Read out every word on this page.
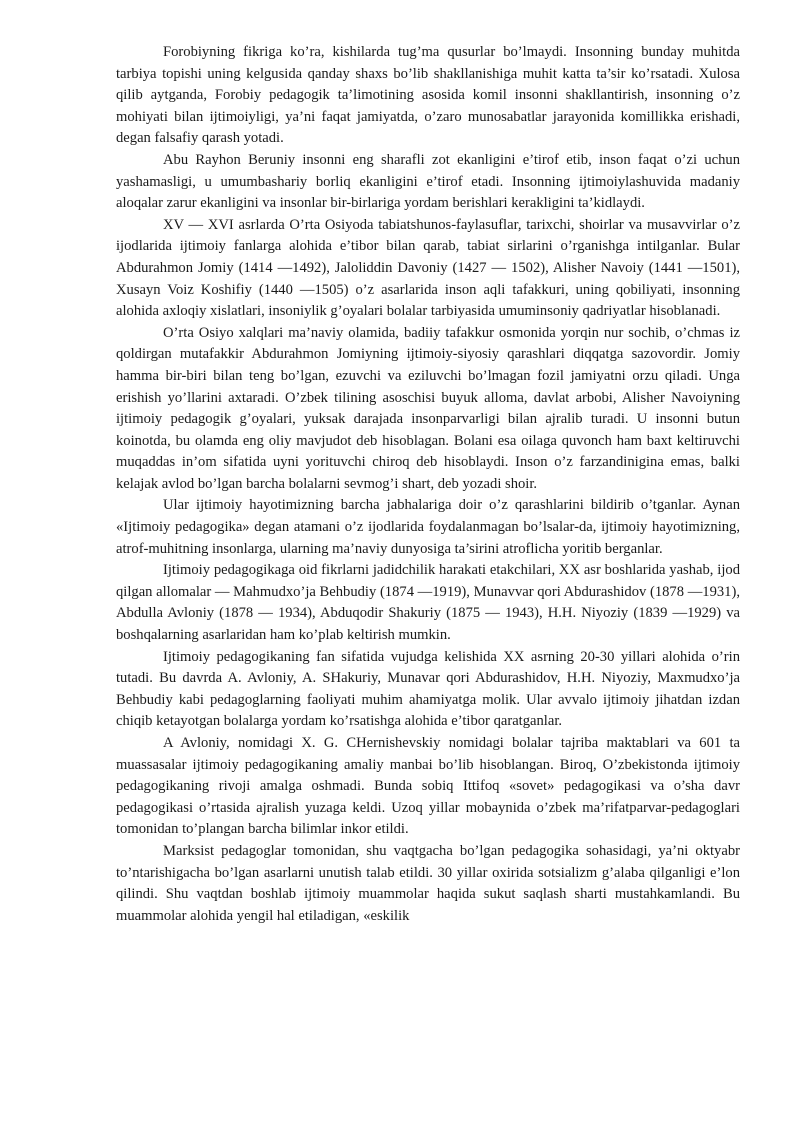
Forobiyning fikriga ko’ra, kishilarda tug’ma qusurlar bo’lmaydi. Insonning bunday muhitda tarbiya topishi uning kelgusida qanday shaxs bo’lib shakllanishiga muhit katta ta’sir ko’rsatadi. Xulosa qilib aytganda, Forobiy pedagogik ta’limotining asosida komil insonni shakllantirish, insonning o’z mohiyati bilan ijtimoiyligi, ya’ni faqat jamiyatda, o’zaro munosabatlar jarayonida komillikka erishadi, degan falsafiy qarash yotadi.

Abu Rayhon Beruniy insonni eng sharafli zot ekanligini e’tirof etib, inson faqat o’zi uchun yashamasligi, u umumbashariy borliq ekanligini e’tirof etadi. Insonning ijtimoiylashuvida madaniy aloqalar zarur ekanligini va insonlar bir-birlariga yordam berishlari kerakligini ta’kidlaydi.

XV — XVI asrlarda O’rta Osiyoda tabiatshunos-faylasuflar, tarixchi, shoirlar va musavvirlar o’z ijodlarida ijtimoiy fanlarga alohida e’tibor bilan qarab, tabiat sirlarini o’rganishga intilganlar. Bular Abdurahmon Jomiy (1414 —1492), Jaloliddin Davoniy (1427 — 1502), Alisher Navoiy (1441 —1501), Xusayn Voiz Koshifiy (1440 —1505) o’z asarlarida inson aqli tafakkuri, uning qobiliyati, insonning alohida axloqiy xislatlari, insoniylik g’oyalari bolalar tarbiyasida umuminsoniy qadriyatlar hisoblanadi.

O’rta Osiyo xalqlari ma’naviy olamida, badiiy tafakkur osmonida yorqin nur sochib, o’chmas iz qoldirgan mutafakkir Abdurahmon Jomiyning ijtimoiy-siyosiy qarashlari diqqatga sazovordir. Jomiy hamma bir-biri bilan teng bo’lgan, ezuvchi va eziluvchi bo’lmagan fozil jamiyatni orzu qiladi. Unga erishish yo’llarini axtaradi. O’zbek tilining asoschisi buyuk alloma, davlat arbobi, Alisher Navoiyning ijtimoiy pedagogik g’oyalari, yuksak darajada insonparvarligi bilan ajralib turadi. U insonni butun koinotda, bu olamda eng oliy mavjudot deb hisoblagan. Bolani esa oilaga quvonch ham baxt keltiruvchi muqaddas in’om sifatida uyni yorituvchi chiroq deb hisoblaydi. Inson o’z farzandinigina emas, balki kelajak avlod bo’lgan barcha bolalarni sevmog’i shart, deb yozadi shoir.

Ular ijtimoiy hayotimizning barcha jabhalariga doir o’z qarashlarini bildirib o’tganlar. Aynan «Ijtimoiy pedagogika» degan atamani o’z ijodlarida foydalanmagan bo’lsalar-da, ijtimoiy hayotimizning, atrof-muhitning insonlarga, ularning ma’naviy dunyosiga ta’sirini atroflicha yoritib berganlar.

Ijtimoiy pedagogikaga oid fikrlarni jadidchilik harakati etakchilari, XX asr boshlarida yashab, ijod qilgan allomalar — Mahmudxo’ja Behbudiy (1874 —1919), Munavvar qori Abdurashidov (1878 —1931), Abdulla Avloniy (1878 — 1934), Abduqodir Shakuriy (1875 — 1943), H.H. Niyoziy (1839 —1929) va boshqalarning asarlaridan ham ko’plab keltirish mumkin.

Ijtimoiy pedagogikaning fan sifatida vujudga kelishida XX asrning 20-30 yillari alohida o’rin tutadi. Bu davrda A. Avloniy, A. SHakuriy, Munavar qori Abdurashidov, H.H. Niyoziy, Maxmudxo’ja Behbudiy kabi pedagoglarning faoliyati muhim ahamiyatga molik. Ular avvalo ijtimoiy jihatdan izdan chiqib ketayotgan bolalarga yordam ko’rsatishga alohida e’tibor qaratganlar.

A Avloniy, nomidagi X. G. CHernishevskiy nomidagi bolalar tajriba maktablari va 601 ta muassasalar ijtimoiy pedagogikaning amaliy manbai bo’lib hisoblangan. Biroq, O’zbekistonda ijtimoiy pedagogikaning rivoji amalga oshmadi. Bunda sobiq Ittifoq «sovet» pedagogikasi va o’sha davr pedagogikasi o’rtasida ajralish yuzaga keldi. Uzoq yillar mobaynida o’zbek ma’rifatparvar-pedagoglari tomonidan to’plangan barcha bilimlar inkor etildi.

Marksist pedagoglar tomonidan, shu vaqtgacha bo’lgan pedagogika sohasidagi, ya’ni oktyabr to’ntarishigacha bo’lgan asarlarni unutish talab etildi. 30 yillar oxirida sotsializm g’alaba qilganligi e’lon qilindi. Shu vaqtdan boshlab ijtimoiy muammolar haqida sukut saqlash sharti mustahkamlandi. Bu muammolar alohida yengil hal etiladigan, «eskilik
